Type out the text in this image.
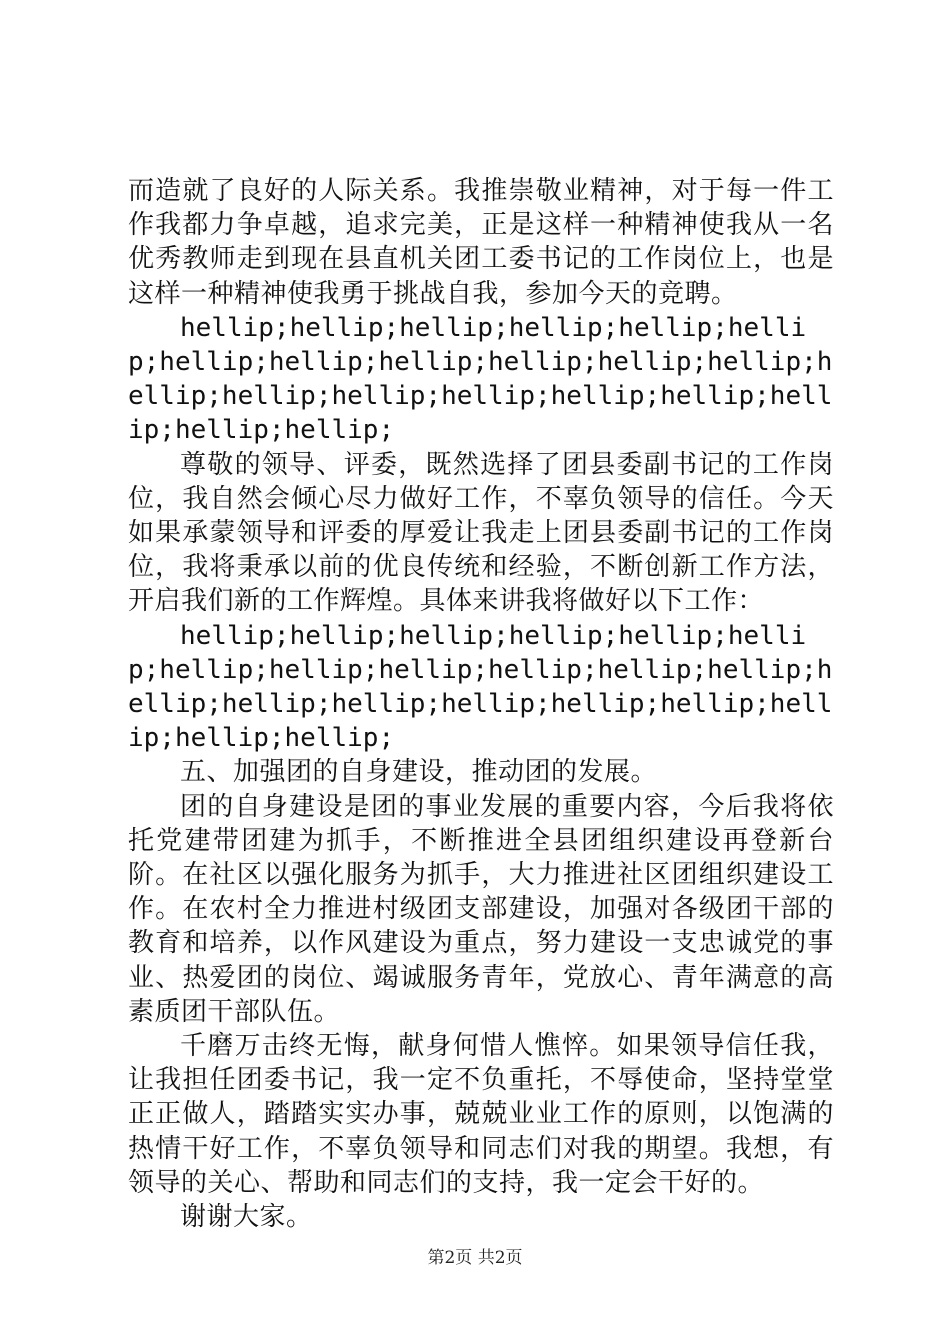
而造就了良好的人际关系。我推崇敬业精神，对于每一件工作我都力争卓越，追求完美，正是这样一种精神使我从一名优秀教师走到现在县直机关团工委书记的工作岗位上，也是这样一种精神使我勇于挑战自我，参加今天的竞聘。

hellip;hellip;hellip;hellip;hellip;hellip;hellip;hellip;hellip;hellip;hellip;hellip;hellip;hellip;hellip;hellip;hellip;hellip;hellip;hellip;hellip;

尊敬的领导、评委，既然选择了团县委副书记的工作岗位，我自然会倾心尽力做好工作，不辜负领导的信任。今天如果承蒙领导和评委的厚爱让我走上团县委副书记的工作岗位，我将秉承以前的优良传统和经验，不断创新工作方法，开启我们新的工作辉煌。具体来讲我将做好以下工作：

hellip;hellip;hellip;hellip;hellip;hellip;hellip;hellip;hellip;hellip;hellip;hellip;hellip;hellip;hellip;hellip;hellip;hellip;hellip;hellip;hellip;

五、加强团的自身建设，推动团的发展。

团的自身建设是团的事业发展的重要内容，今后我将依托党建带团建为抓手，不断推进全县团组织建设再登新台阶。在社区以强化服务为抓手，大力推进社区团组织建设工作。在农村全力推进村级团支部建设，加强对各级团干部的教育和培养，以作风建设为重点，努力建设一支忠诚党的事业、热爱团的岗位、竭诚服务青年，党放心、青年满意的高素质团干部队伍。

千磨万击终无悔，献身何惜人憔悴。如果领导信任我，让我担任团委书记，我一定不负重托，不辱使命，坚持堂堂正正做人，踏踏实实办事，兢兢业业工作的原则，以饱满的热情干好工作，不辜负领导和同志们对我的期望。我想，有领导的关心、帮助和同志们的支持，我一定会干好的。

谢谢大家。

第2页 共2页
